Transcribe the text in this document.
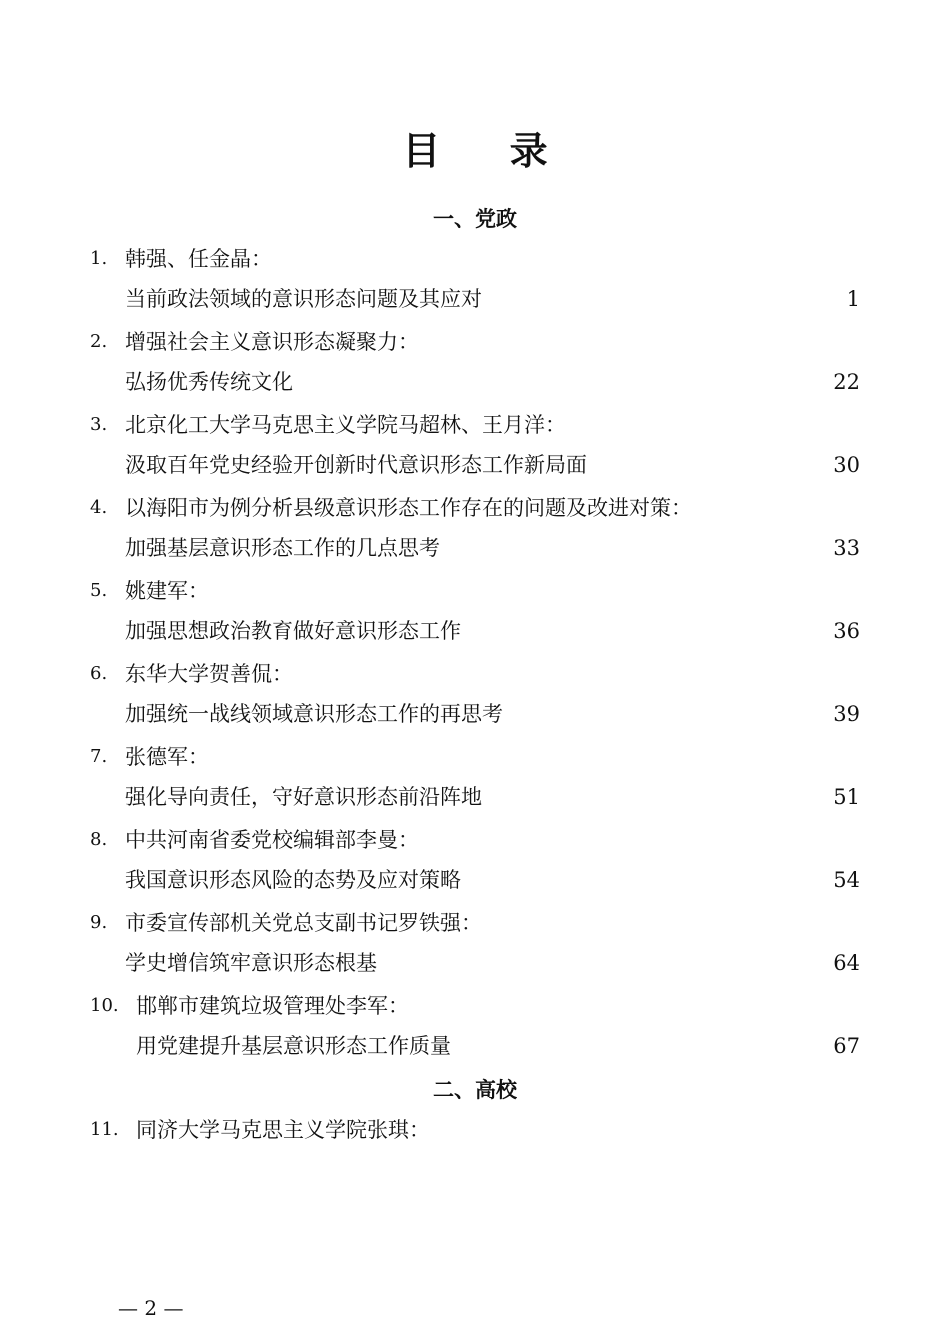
目 录
一、党政
1. 韩强、任金晶：
当前政法领域的意识形态问题及其应对	1
2. 增强社会主义意识形态凝聚力：
弘扬优秀传统文化	22
3. 北京化工大学马克思主义学院马超林、王月洋：
汲取百年党史经验开创新时代意识形态工作新局面	30
4. 以海阳市为例分析县级意识形态工作存在的问题及改进对策：
加强基层意识形态工作的几点思考	33
5. 姚建军：
加强思想政治教育做好意识形态工作	36
6. 东华大学贺善侃：
加强统一战线领域意识形态工作的再思考	39
7. 张德军：
强化导向责任，守好意识形态前沿阵地	51
8. 中共河南省委党校编辑部李曼：
我国意识形态风险的态势及应对策略	54
9. 市委宣传部机关党总支副书记罗铁强：
学史增信筑牢意识形态根基	64
10. 邯郸市建筑垃圾管理处李军：
用党建提升基层意识形态工作质量	67
二、高校
11. 同济大学马克思主义学院张琪：
— 2 —
